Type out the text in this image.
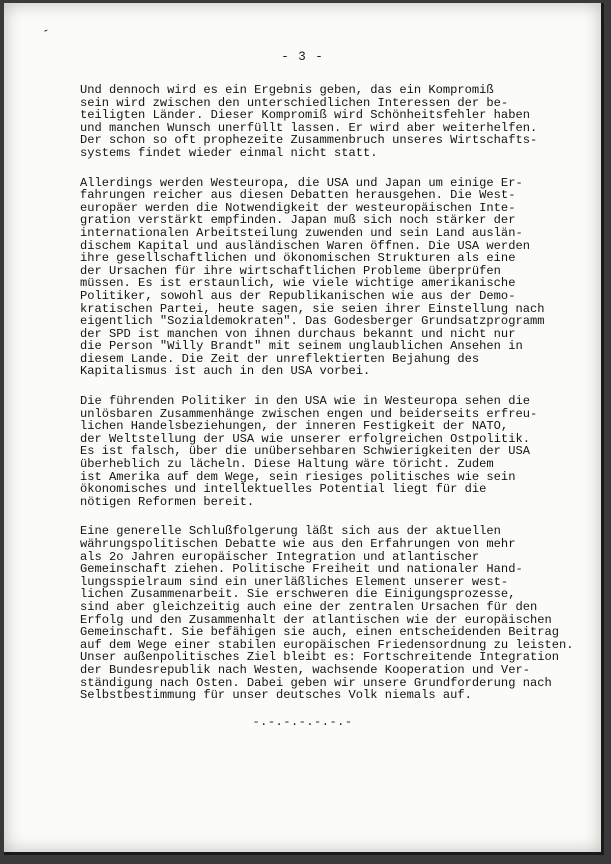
-
- 3 -
Und dennoch wird es ein Ergebnis geben, das ein Kompromiß
sein wird zwischen den unterschiedlichen Interessen der be-
teiligten Länder. Dieser Kompromiß wird Schönheitsfehler haben
und manchen Wunsch unerfüllt lassen. Er wird aber weiterhelfen.
Der schon so oft prophezeite Zusammenbruch unseres Wirtschafts-
systems findet wieder einmal nicht statt.
Allerdings werden Westeuropa, die USA und Japan um einige Er-
fahrungen reicher aus diesen Debatten herausgehen. Die West-
europäer werden die Notwendigkeit der westeuropäischen Inte-
gration verstärkt empfinden. Japan muß sich noch stärker der
internationalen Arbeitsteilung zuwenden und sein Land auslän-
dischem Kapital und ausländischen Waren öffnen. Die USA werden
ihre gesellschaftlichen und ökonomischen Strukturen als eine
der Ursachen für ihre wirtschaftlichen Probleme überprüfen
müssen. Es ist erstaunlich, wie viele wichtige amerikanische
Politiker, sowohl aus der Republikanischen wie aus der Demo-
kratischen Partei, heute sagen, sie seien ihrer Einstellung nach
eigentlich "Sozialdemokraten". Das Godesberger Grundsatzprogramm
der SPD ist manchen von ihnen durchaus bekannt und nicht nur
die Person "Willy Brandt" mit seinem unglaublichen Ansehen in
diesem Lande. Die Zeit der unreflektierten Bejahung des
Kapitalismus ist auch in den USA vorbei.
Die führenden Politiker in den USA wie in Westeuropa sehen die
unlösbaren Zusammenhänge zwischen engen und beiderseits erfreu-
lichen Handelsbeziehungen, der inneren Festigkeit der NATO,
der Weltstellung der USA wie unserer erfolgreichen Ostpolitik.
Es ist falsch, über die unübersehbaren Schwierigkeiten der USA
überheblich zu lächeln. Diese Haltung wäre töricht. Zudem
ist Amerika auf dem Wege, sein riesiges politisches wie sein
ökonomisches und intellektuelles Potential liegt für die
nötigen Reformen bereit.
Eine generelle Schlußfolgerung läßt sich aus der aktuellen
währungspolitischen Debatte wie aus den Erfahrungen von mehr
als 2o Jahren europäischer Integration und atlantischer
Gemeinschaft ziehen. Politische Freiheit und nationaler Hand-
lungsspielraum sind ein unerläßliches Element unserer west-
lichen Zusammenarbeit. Sie erschweren die Einigungsprozesse,
sind aber gleichzeitig auch eine der zentralen Ursachen für den
Erfolg und den Zusammenhalt der atlantischen wie der europäischen
Gemeinschaft. Sie befähigen sie auch, einen entscheidenden Beitrag
auf dem Wege einer stabilen europäischen Friedensordnung zu leisten.
Unser außenpolitisches Ziel bleibt es: Fortschreitende Integration
der Bundesrepublik nach Westen, wachsende Kooperation und Ver-
ständigung nach Osten. Dabei geben wir unsere Grundforderung nach
Selbstbestimmung für unser deutsches Volk niemals auf.
-.-.-.-.-.-.-
